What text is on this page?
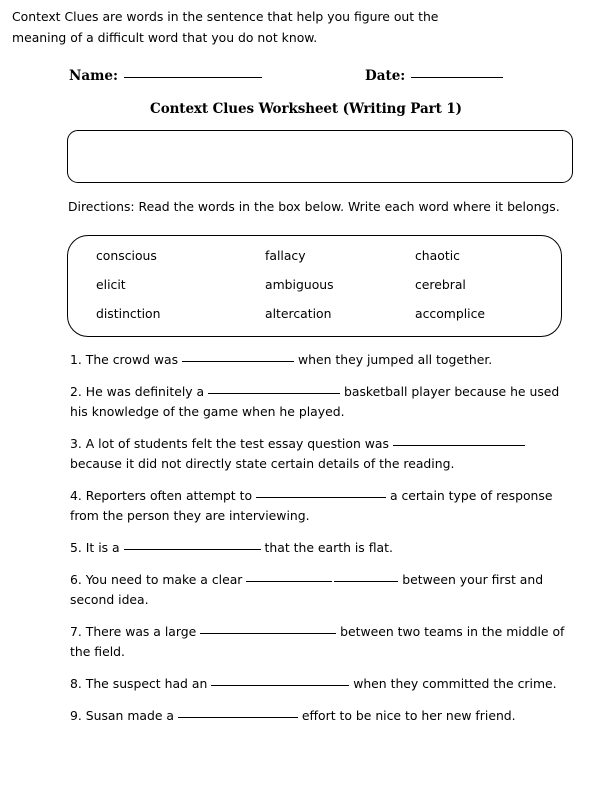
Name:	Date:
Context Clues Worksheet (Writing Part 1)
Context Clues are words in the sentence that help you figure out the meaning of a difficult word that you do not know.
Directions: Read the words in the box below. Write each word where it belongs.
conscious	fallacy	chaotic
elicit	ambiguous	cerebral
distinction	altercation	accomplice
1. The crowd was	when they jumped all together.
2. He was definitely a	basketball player because he used his knowledge of the game when he played.
3. A lot of students felt the test essay question was	because it did not directly state certain details of the reading.
4. Reporters often attempt to	a certain type of response from the person they are interviewing.
5. It is a	that the earth is flat.
6. You need to make a clear	between your first and second idea.
7. There was a large	between two teams in the middle of the field.
8. The suspect had an	when they committed the crime.
9. Susan made a	effort to be nice to her new friend.
